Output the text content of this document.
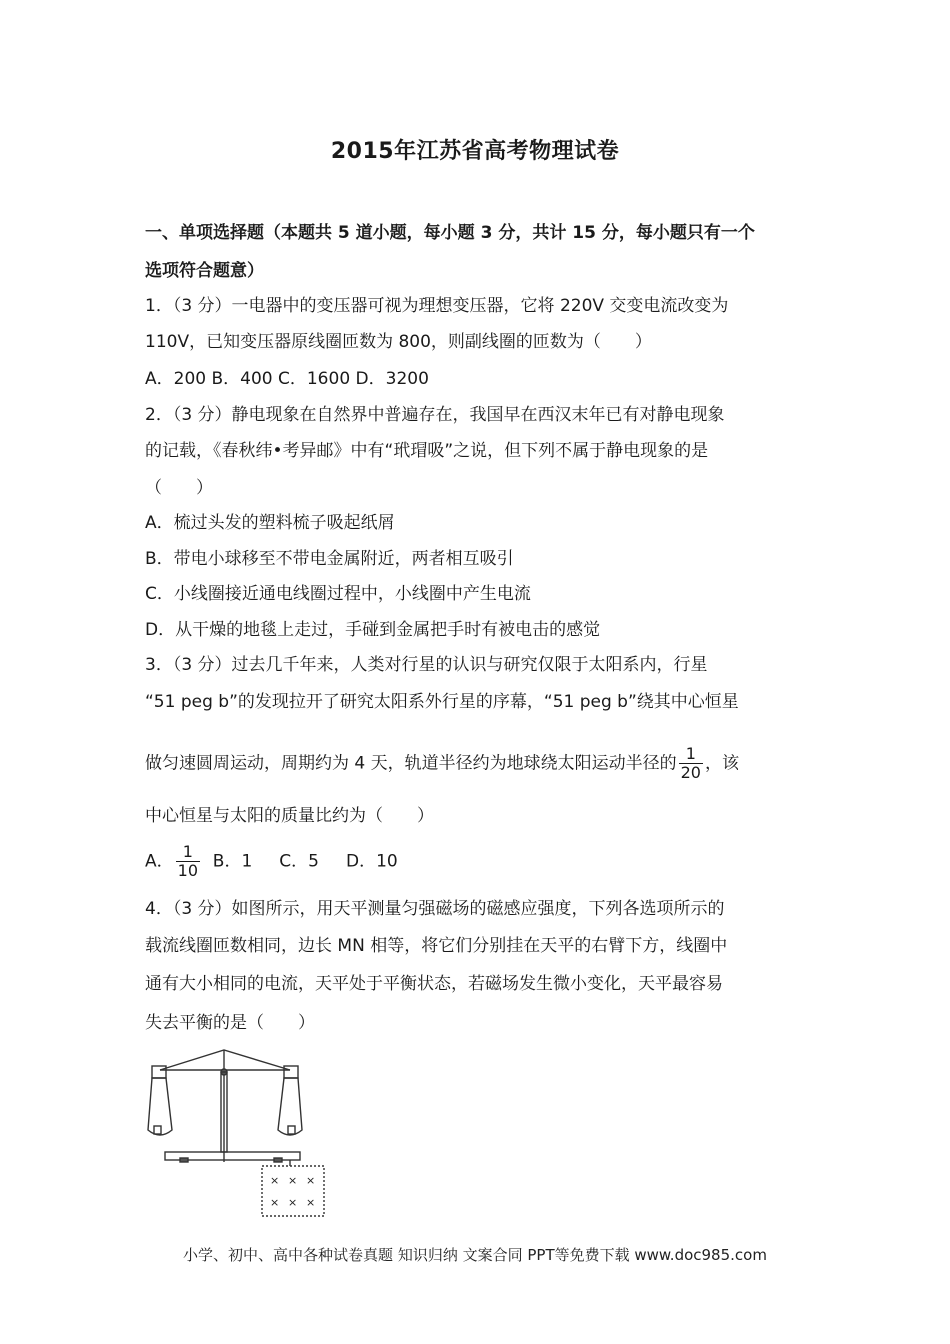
2015年江苏省高考物理试卷
一、单项选择题（本题共 5 道小题，每小题 3 分，共计 15 分，每小题只有一个
选项符合题意）
1．（3 分）一电器中的变压器可视为理想变压器，它将 220V 交变电流改变为
110V，已知变压器原线圈匝数为 800，则副线圈的匝数为（　　）
A．200 B．400 C．1600 D．3200
2．（3 分）静电现象在自然界中普遍存在，我国早在西汉末年已有对静电现象
的记载，《春秋纬•考异邮》中有“玳瑁吸”之说，但下列不属于静电现象的是
（　　）
A．梳过头发的塑料梳子吸起纸屑
B．带电小球移至不带电金属附近，两者相互吸引
C．小线圈接近通电线圈过程中，小线圈中产生电流
D．从干燥的地毯上走过，手碰到金属把手时有被电击的感觉
3．（3 分）过去几千年来，人类对行星的认识与研究仅限于太阳系内，行星
“51 peg b”的发现拉开了研究太阳系外行星的序幕，“51 peg b”绕其中心恒星
做匀速圆周运动，周期约为 4 天，轨道半径约为地球绕太阳运动半径的 $\frac{1}{20}$ ，该
中心恒星与太阳的质量比约为（　　）
A． $\frac{1}{10}$ B．1     C．5     D．10
4．（3 分）如图所示，用天平测量匀强磁场的磁感应强度，下列各选项所示的
载流线圈匝数相同，边长 MN 相等，将它们分别挂在天平的右臂下方，线圈中
通有大小相同的电流，天平处于平衡状态，若磁场发生微小变化，天平最容易
失去平衡的是（　　）
× × ×
× × ×
小学、初中、高中各种试卷真题 知识归纳 文案合同 PPT等免费下载 www.doc985.com
